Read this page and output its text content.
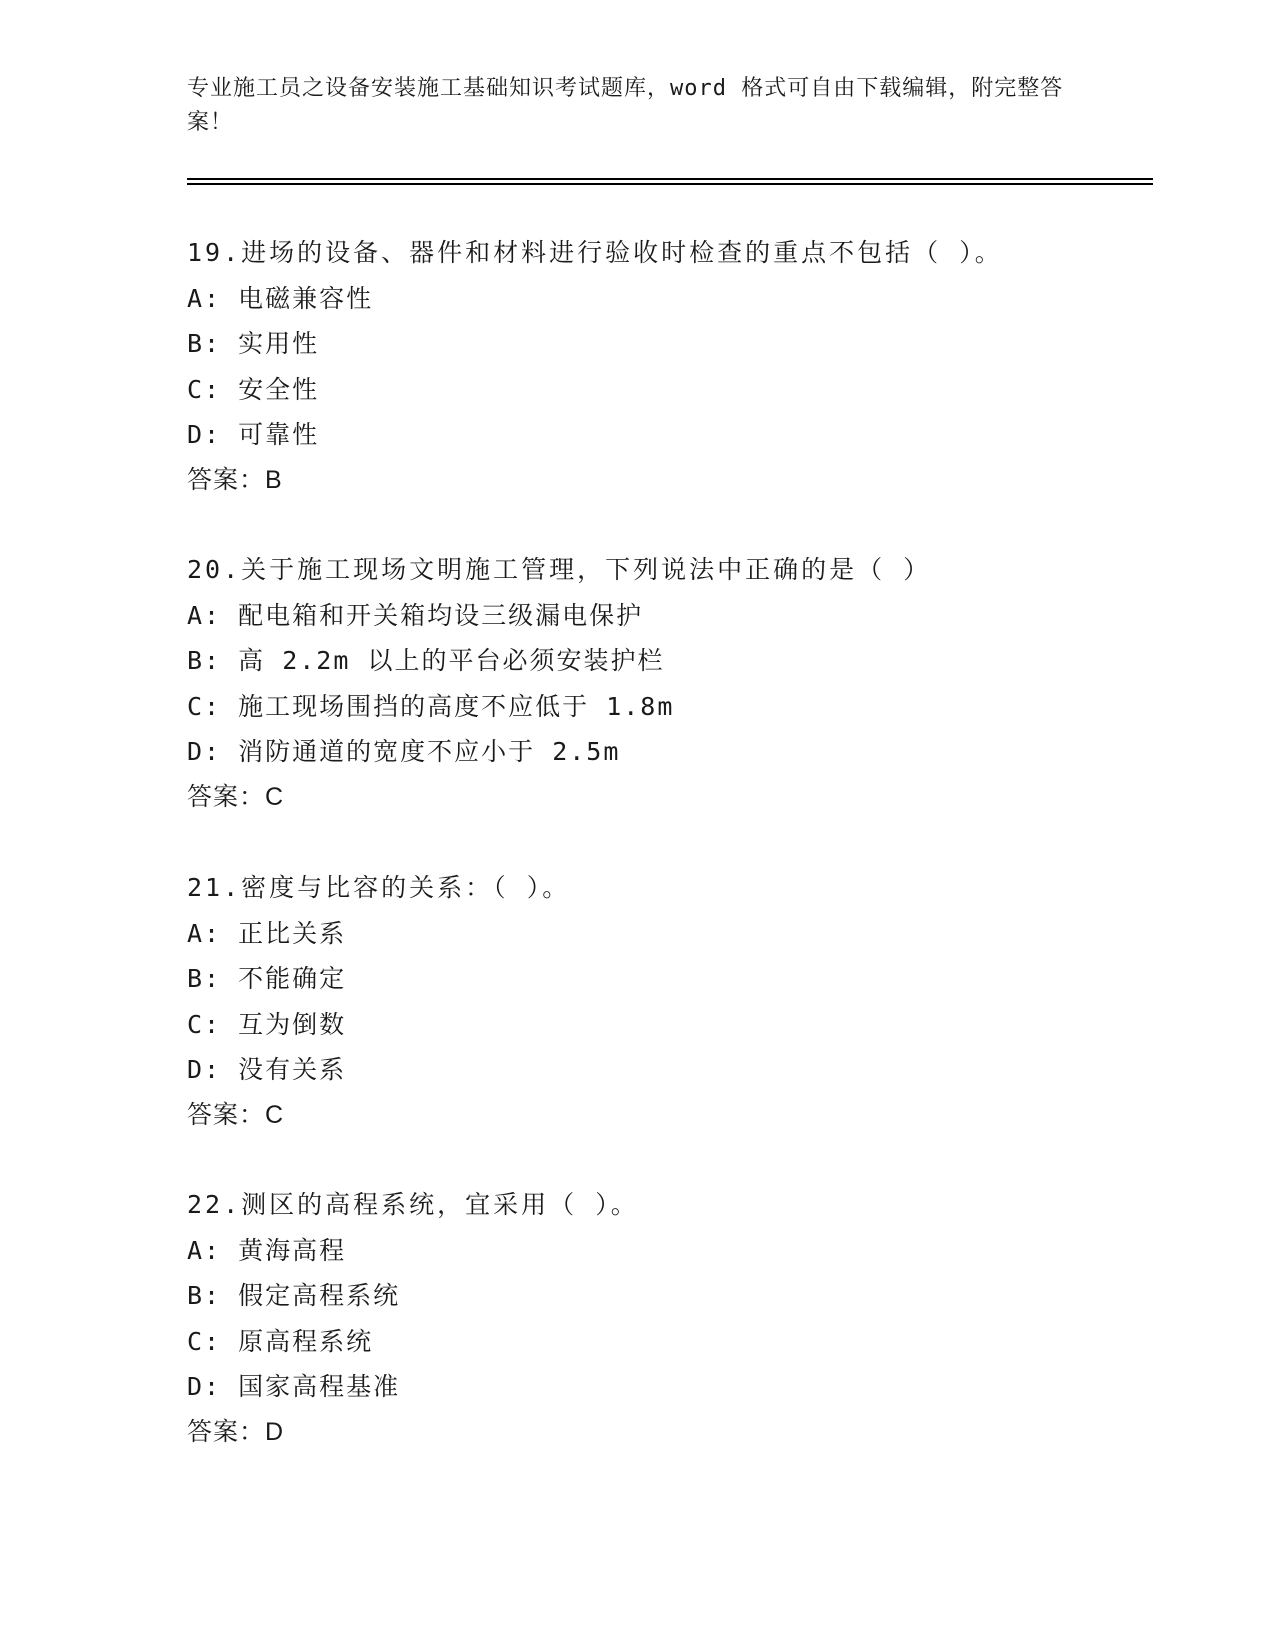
专业施工员之设备安装施工基础知识考试题库，word 格式可自由下载编辑，附完整答案！
19.进场的设备、器件和材料进行验收时检查的重点不包括（ ）。
A: 电磁兼容性
B: 实用性
C: 安全性
D: 可靠性
答案：B
20.关于施工现场文明施工管理，下列说法中正确的是（ ）
A: 配电箱和开关箱均设三级漏电保护
B: 高 2.2m 以上的平台必须安装护栏
C: 施工现场围挡的高度不应低于 1.8m
D: 消防通道的宽度不应小于 2.5m
答案：C
21.密度与比容的关系：（ ）。
A: 正比关系
B: 不能确定
C: 互为倒数
D: 没有关系
答案：C
22.测区的高程系统，宜采用（ ）。
A: 黄海高程
B: 假定高程系统
C: 原高程系统
D: 国家高程基准
答案：D
